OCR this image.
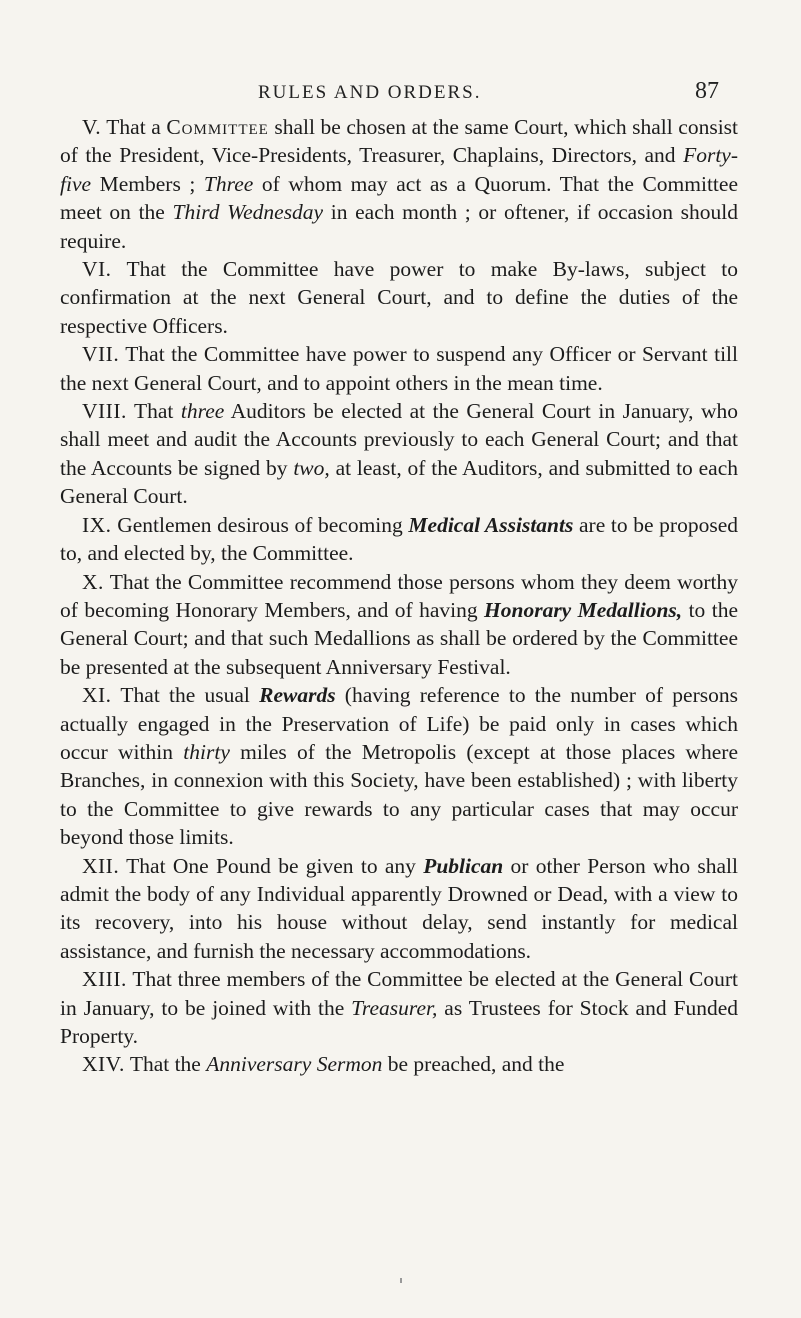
RULES AND ORDERS.	87

V. That a Committee shall be chosen at the same Court, which shall consist of the President, Vice-Presidents, Treasurer, Chaplains, Directors, and Forty-five Members ; Three of whom may act as a Quorum. That the Committee meet on the Third Wednesday in each month ; or oftener, if occasion should require.

VI. That the Committee have power to make By-laws, subject to confirmation at the next General Court, and to define the duties of the respective Officers.

VII. That the Committee have power to suspend any Officer or Servant till the next General Court, and to appoint others in the mean time.

VIII. That three Auditors be elected at the General Court in January, who shall meet and audit the Accounts previously to each General Court; and that the Accounts be signed by two, at least, of the Auditors, and submitted to each General Court.

IX. Gentlemen desirous of becoming Medical Assistants are to be proposed to, and elected by, the Committee.

X. That the Committee recommend those persons whom they deem worthy of becoming Honorary Members, and of having Honorary Medallions, to the General Court; and that such Medallions as shall be ordered by the Committee be presented at the subsequent Anniversary Festival.

XI. That the usual Rewards (having reference to the number of persons actually engaged in the Preservation of Life) be paid only in cases which occur within thirty miles of the Metropolis (except at those places where Branches, in connexion with this Society, have been established) ; with liberty to the Committee to give rewards to any particular cases that may occur beyond those limits.

XII. That One Pound be given to any Publican or other Person who shall admit the body of any Individual apparently Drowned or Dead, with a view to its recovery, into his house without delay, send instantly for medical assistance, and furnish the necessary accommodations.

XIII. That three members of the Committee be elected at the General Court in January, to be joined with the Treasurer, as Trustees for Stock and Funded Property.

XIV. That the Anniversary Sermon be preached, and the
